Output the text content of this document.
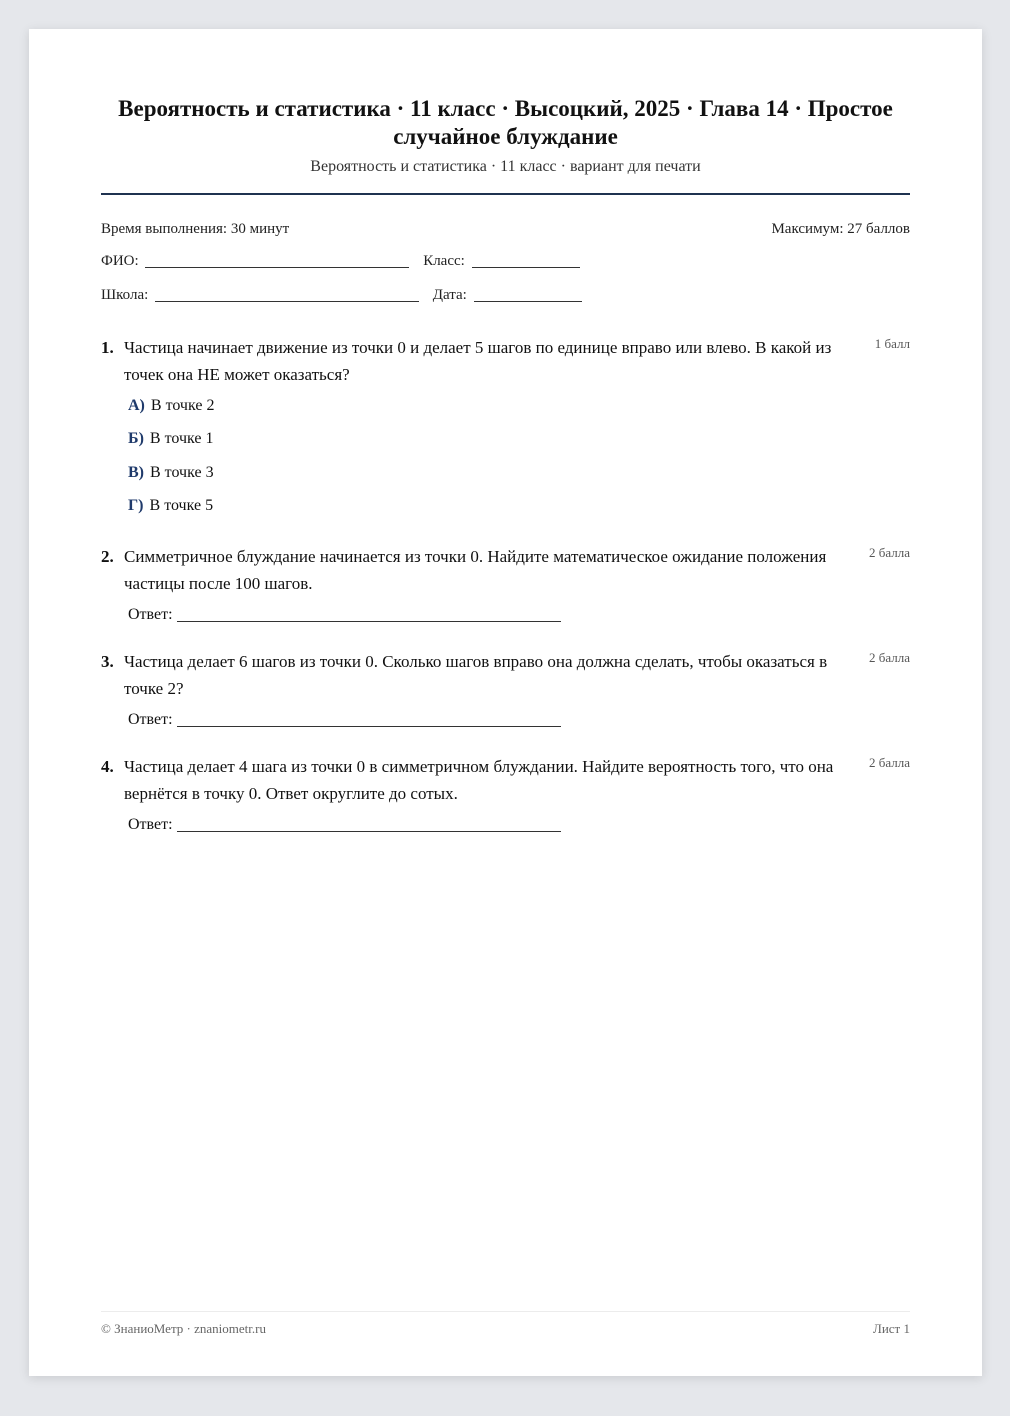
Вероятность и статистика · 11 класс · Высоцкий, 2025 · Глава 14 · Простое случайное блуждание
Вероятность и статистика · 11 класс · вариант для печати
Время выполнения: 30 минут	Максимум: 27 баллов
ФИО:	Класс:
Школа:	Дата:
1. Частица начинает движение из точки 0 и делает 5 шагов по единице вправо или влево. В какой из точек она НЕ может оказаться?
1 балл
А) В точке 2
Б) В точке 1
В) В точке 3
Г) В точке 5
2. Симметричное блуждание начинается из точки 0. Найдите математическое ожидание положения частицы после 100 шагов.
2 балла
Ответ:
3. Частица делает 6 шагов из точки 0. Сколько шагов вправо она должна сделать, чтобы оказаться в точке 2?
2 балла
Ответ:
4. Частица делает 4 шага из точки 0 в симметричном блуждании. Найдите вероятность того, что она вернётся в точку 0. Ответ округлите до сотых.
2 балла
Ответ:
© ЗнаниоМетр · znaniometr.ru	Лист 1
